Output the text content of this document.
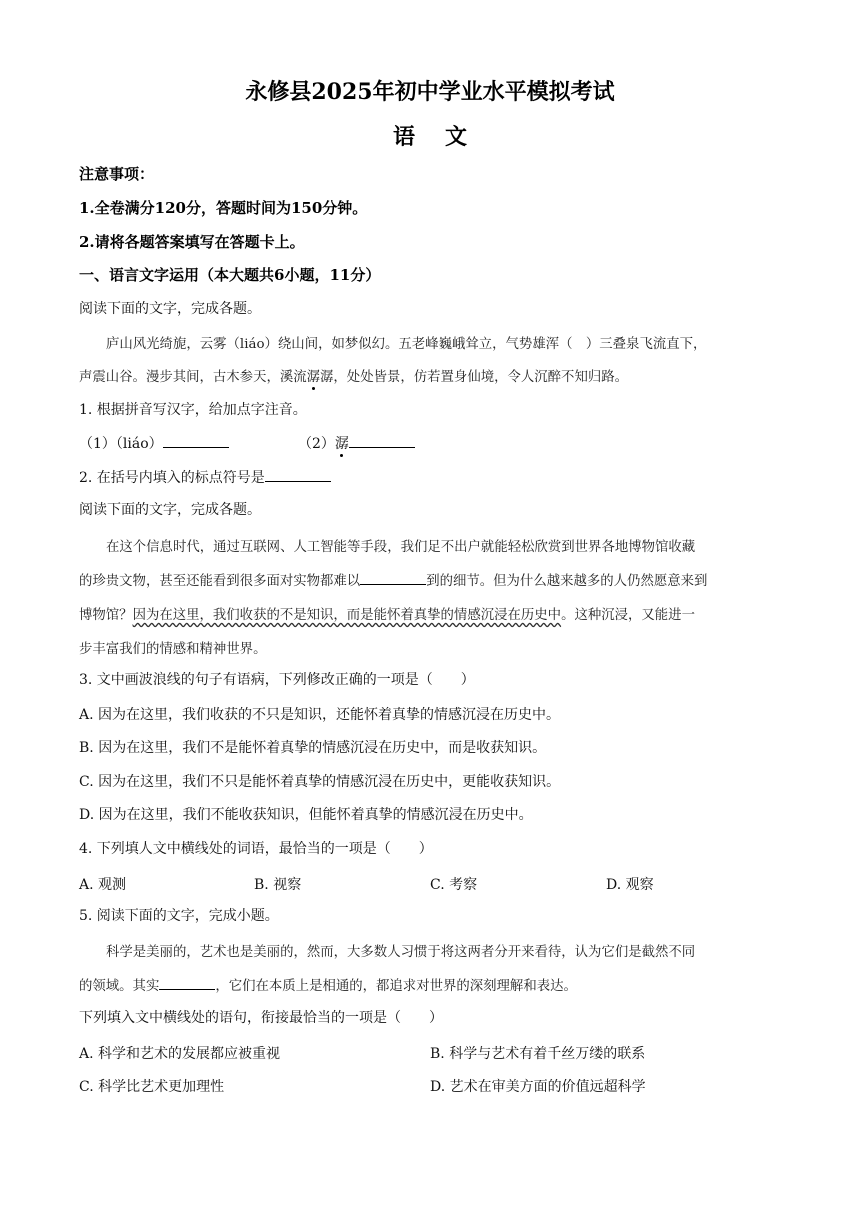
永修县2025年初中学业水平模拟考试
语文
注意事项：
1.全卷满分120分，答题时间为150分钟。
2.请将各题答案填写在答题卡上。
一、语言文字运用（本大题共6小题，11分）
阅读下面的文字，完成各题。
庐山风光绮旎，云雾（liáo）绕山间，如梦似幻。五老峰巍峨耸立，气势雄浑（　）三叠泉飞流直下，
声震山谷。漫步其间，古木参天，溪流潺潺，处处皆景，仿若置身仙境，令人沉醉不知归路。
1. 根据拼音写汉字，给加点字注音。
（1）（liáo）	（2）潺
2. 在括号内填入的标点符号是
阅读下面的文字，完成各题。
在这个信息时代，通过互联网、人工智能等手段，我们足不出户就能轻松欣赏到世界各地博物馆收藏
的珍贵文物，甚至还能看到很多面对实物都难以	到的细节。但为什么越来越多的人仍然愿意来到
博物馆？因为在这里，我们收获的不是知识，而是能怀着真挚的情感沉浸在历史中。这种沉浸，又能进一
步丰富我们的情感和精神世界。
3. 文中画波浪线的句子有语病，下列修改正确的一项是（　　）
A. 因为在这里，我们收获的不只是知识，还能怀着真挚的情感沉浸在历史中。
B. 因为在这里，我们不是能怀着真挚的情感沉浸在历史中，而是收获知识。
C. 因为在这里，我们不只是能怀着真挚的情感沉浸在历史中，更能收获知识。
D. 因为在这里，我们不能收获知识，但能怀着真挚的情感沉浸在历史中。
4. 下列填人文中横线处的词语，最恰当的一项是（　　）
A. 观测	B. 视察	C. 考察	D. 观察
5. 阅读下面的文字，完成小题。
科学是美丽的，艺术也是美丽的，然而，大多数人习惯于将这两者分开来看待，认为它们是截然不同
的领域。其实	，它们在本质上是相通的，都追求对世界的深刻理解和表达。
下列填入文中横线处的语句，衔接最恰当的一项是（　　）
A. 科学和艺术的发展都应被重视	B. 科学与艺术有着千丝万缕的联系
C. 科学比艺术更加理性	D. 艺术在审美方面的价值远超科学
